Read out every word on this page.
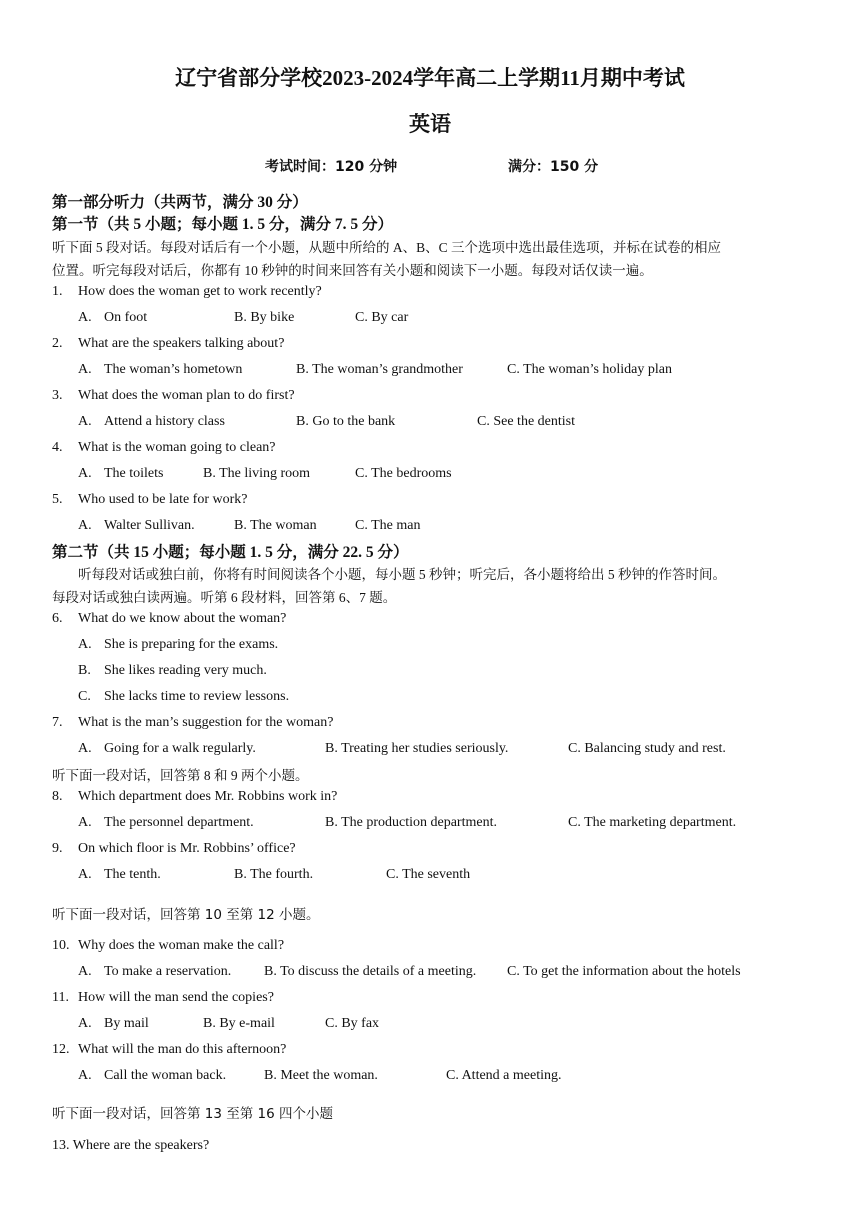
辽宁省部分学校2023-2024学年高二上学期11月期中考试
英语
考试时间：120 分钟	满分：150 分
第一部分听力（共两节，满分 30 分）
第一节（共 5 小题；每小题 1. 5 分，满分 7. 5 分）
听下面 5 段对话。每段对话后有一个小题，从题中所给的 A、B、C 三个选项中选出最佳选项，并标在试卷的相应
位置。听完每段对话后，你都有 10 秒钟的时间来回答有关小题和阅读下一小题。每段对话仅读一遍。
1. How does the woman get to work recently?
A. On foot	B. By bike	C. By car
2. What are the speakers talking about?
A. The woman’s hometown	B. The woman’s grandmother	C. The woman’s holiday plan
3. What does the woman plan to do first?
A. Attend a history class	B. Go to the bank	C. See the dentist
4. What is the woman going to clean?
A. The toilets	B. The living room	C. The bedrooms
5. Who used to be late for work?
A. Walter Sullivan.	B. The woman	C. The man
第二节（共 15 小题；每小题 1. 5 分，满分 22. 5 分）
听每段对话或独白前，你将有时间阅读各个小题，每小题 5 秒钟；听完后，各小题将给出 5 秒钟的作答时间。
每段对话或独白读两遍。听第 6 段材料，回答第 6、7 题。
6. What do we know about the woman?
A. She is preparing for the exams.
B. She likes reading very much.
C. She lacks time to review lessons.
7. What is the man’s suggestion for the woman?
A. Going for a walk regularly.	B. Treating her studies seriously.	C. Balancing study and rest.
听下面一段对话，回答第 8 和 9 两个小题。
8. Which department does Mr. Robbins work in?
A. The personnel department.	B. The production department.	C. The marketing department.
9. On which floor is Mr. Robbins’ office?
A. The tenth.	B. The fourth.	C. The seventh
听下面一段对话，回答第 10 至第 12 小题。
10. Why does the woman make the call?
A. To make a reservation. B. To discuss the details of a meeting. C. To get the information about the hotels
11. How will the man send the copies?
A. By mail	B. By e-mail	C. By fax
12. What will the man do this afternoon?
A. Call the woman back.	B. Meet the woman.	C. Attend a meeting.
听下面一段对话，回答第 13 至第 16 四个小题
13. Where are the speakers?
